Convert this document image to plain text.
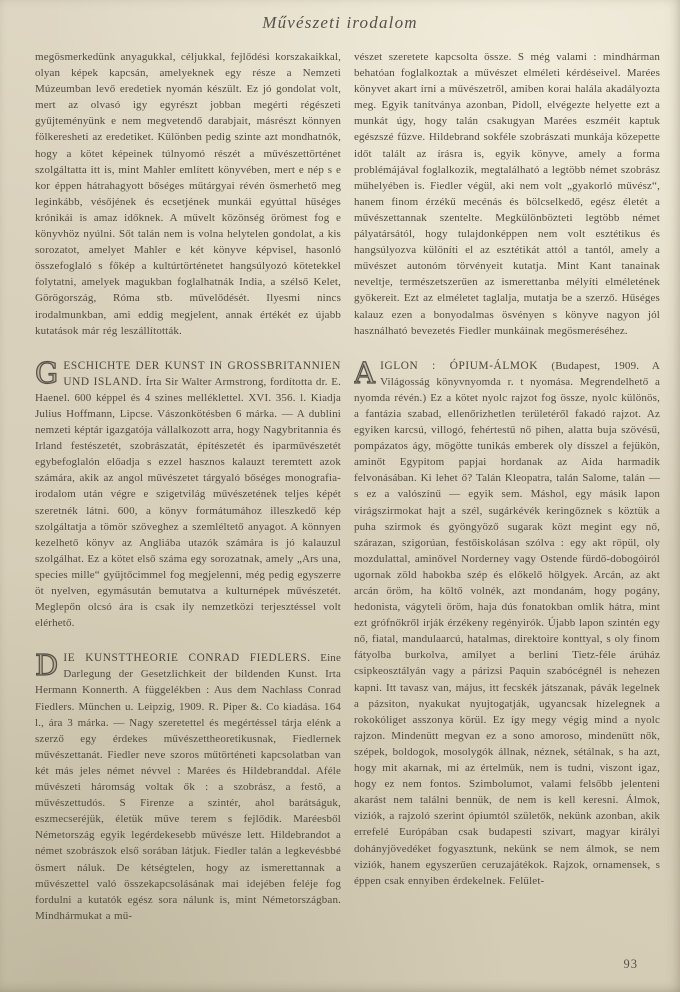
Művészeti irodalom

megösmerkedünk anyagukkal, céljukkal, fejlődési korszakaikkal, olyan képek kapcsán, amelyeknek egy része a Nemzeti Múzeumban levő eredetiek nyomán készült. Ez jó gondolat volt, mert az olvasó igy egyrészt jobban megérti régészeti gyűjteményünk e nem megvetendő darabjait, másrészt könnyen fölkeresheti az eredetiket. Különben pedig szinte azt mondhatnók, hogy a kötet képeinek túlnyomó részét a művészettörténet szolgáltatta itt is, mint Mahler említett könyvében, mert e nép s e kor éppen hátrahagyott bőséges műtárgyai révén ösmerhető meg leginkább, vésőjének és ecsetjének munkái egyúttal hűséges krónikái is amaz időknek. A művelt közönség örömest fog e könyvhöz nyúlni. Sőt talán nem is volna helytelen gondolat, a kis sorozatot, amelyet Mahler e két könyve képvisel, hasonló összefoglaló s főkép a kultúrtörténetet hangsúlyozó kötetekkel folytatni, amelyek magukban foglalhatnák India, a szélső Kelet, Görögország, Róma stb. művelődését. Ilyesmi nincs irodalmunkban, ami eddig megjelent, annak értékét ez újabb kutatások már rég leszállították.

GESCHICHTE DER KUNST IN GROSSBRITANNIEN UND ISLAND. Írta Sir Walter Armstrong, fordította dr. E. Haenel. 600 képpel és 4 szines melléklettel. XVI. 356. l. Kiadja Julius Hoffmann, Lipcse. Vászonkötésben 6 márka. — A dublini nemzeti képtár igazgatója vállalkozott arra, hogy Nagybritannia és Irland festészetét, szobrászatát, építészetét és iparművészetét egybefoglalón előadja s ezzel hasznos kalauzt teremtett azok számára, akik az angol művészetet tárgyaló bőséges monografia-irodalom után végre e szigetvilág művészetének teljes képét szeretnék látni. 600, a könyv formátumához illeszkedő kép szolgáltatja a tömör szöveghez a szemléltető anyagot. A könnyen kezelhető könyv az Angliába utazók számára is jó kalauzul szolgálhat. Ez a kötet első száma egy sorozatnak, amely „Ars una, species mille“ gyűjtőcimmel fog megjelenni, még pedig egyszerre öt nyelven, egymásután bemutatva a kulturnépek művészetét. Meglepőn olcsó ára is csak ily nemzetközi terjesztéssel volt elérhető.

DIE KUNSTTHEORIE CONRAD FIEDLERS. Eine Darlegung der Gesetzlichkeit der bildenden Kunst. Irta Hermann Konnerth. A függelékben : Aus dem Nachlass Conrad Fiedlers. München u. Leipzig, 1909. R. Piper &. Co kiadása. 164 l., ára 3 márka. — Nagy szeretettel és megértéssel tárja elénk a szerző egy érdekes művészettheoretikusnak, Fiedlernek művészettanát. Fiedler neve szoros műtörténeti kapcsolatban van két más jeles német névvel : Marées és Hildebranddal. Aféle művészeti háromság voltak ők : a szobrász, a festő, a művészettudós. S Firenze a szintér, ahol barátságuk, eszmecseréjük, életük műve terem s fejlődik. Maréesből Németország egyik legérdekesebb művésze lett. Hildebrandot a német szobrászok első sorában látjuk. Fiedler talán a legkevésbbé ösmert náluk. De kétségtelen, hogy az ismerettannak a művészettel való összekapcsolásának mai idejében feléje fog fordulni a kutatók egész sora nálunk is, mint Németországban. Mindhármukat a mű-

vészet szeretete kapcsolta össze. S még valami : mindhárman behatóan foglalkoztak a művészet elméleti kérdéseivel. Marées könyvet akart írni a művészetről, amiben korai halála akadályozta meg. Egyik tanítványa azonban, Pidoll, elvégezte helyette ezt a munkát úgy, hogy talán csakugyan Marées eszméit kaptuk egészszé fűzve. Hildebrand sokféle szobrászati munkája közepette időt talált az írásra is, egyik könyve, amely a forma problémájával foglalkozik, megtalálható a legtöbb német szobrász műhelyében is. Fiedler végül, aki nem volt „gyakorló művész“, hanem finom érzékű mecénás és bölcselkedő, egész életét a művészettannak szentelte. Megkülönbözteti legtöbb német pályatársától, hogy tulajdonképpen nem volt esztétikus és hangsúlyozva különíti el az esztétikát attól a tantól, amely a művészet autonóm törvényeit kutatja. Mint Kant tanainak neveltje, természetszerűen az ismerettanba mélyíti elméletének gyökereit. Ezt az elméletet taglalja, mutatja be a szerző. Hűséges kalauz ezen a bonyodalmas ösvényen s könyve nagyon jól használható bevezetés Fiedler munkáinak megösmeréséhez.

AIGLON : ÓPIUM-ÁLMOK (Budapest, 1909. A Világosság könyvnyomda r. t nyomása. Megrendelhető a nyomda révén.) Ez a kötet nyolc rajzot fog össze, nyolc különös, a fantázia szabad, ellenőrizhetlen területéről fakadó rajzot. Az egyiken karcsú, villogó, fehértestű nő pihen, alatta buja szövésű, pompázatos ágy, mögötte tunikás emberek oly dísszel a fejükön, aminőt Egypitom papjai hordanak az Aida harmadik felvonásában. Ki lehet ő? Talán Kleopatra, talán Salome, talán — s ez a valószínű — egyik sem. Máshol, egy másik lapon virágszirmokat hajt a szél, sugárkévék keringőznek s köztük a puha szirmok és gyöngyöző sugarak közt megint egy nő, szárazan, szigorúan, festőiskolásan szólva : egy akt röpül, oly mozdulattal, aminővel Norderney vagy Ostende fürdő-dobogóiról ugornak zöld habokba szép és előkelő hölgyek. Arcán, az akt arcán öröm, ha költő volnék, azt mondanám, hogy pogány, hedonista, vágyteli öröm, haja dús fonatokban omlik hátra, mint ezt grófnőkről irják érzékeny regényirók. Újabb lapon szintén egy nő, fiatal, mandulaarcú, hatalmas, direktoire konttyal, s oly finom fátyolba burkolva, amilyet a berlini Tietz-féle árúház csipkeosztályán vagy a párizsi Paquin szabócégnél is nehezen kapni. Itt tavasz van, május, itt fecskék játszanak, pávák legelnek a pázsiton, nyakukat nyujtogatják, ugyancsak hízelegnek a rokokóliget asszonya körül. Ez így megy végig mind a nyolc rajzon. Mindenütt megvan ez a sono amoroso, mindenütt nők, szépek, boldogok, mosolygók állnak, néznek, sétálnak, s ha azt, hogy mit akarnak, mi az értelmük, nem is tudni, viszont igaz, hogy ez nem fontos. Szimbolumot, valami felsőbb jelenteni akarást nem találni bennük, de nem is kell keresni. Álmok, viziók, a rajzoló szerint ópiumtól születők, nekünk azonban, akik errefelé Európában csak budapesti szivart, magyar királyi dohányjövedéket fogyasztunk, nekünk se nem álmok, se nem viziók, hanem egyszerűen ceruzajátékok. Rajzok, ornamensek, s éppen csak ennyiben érdekelnek. Felület-

93
